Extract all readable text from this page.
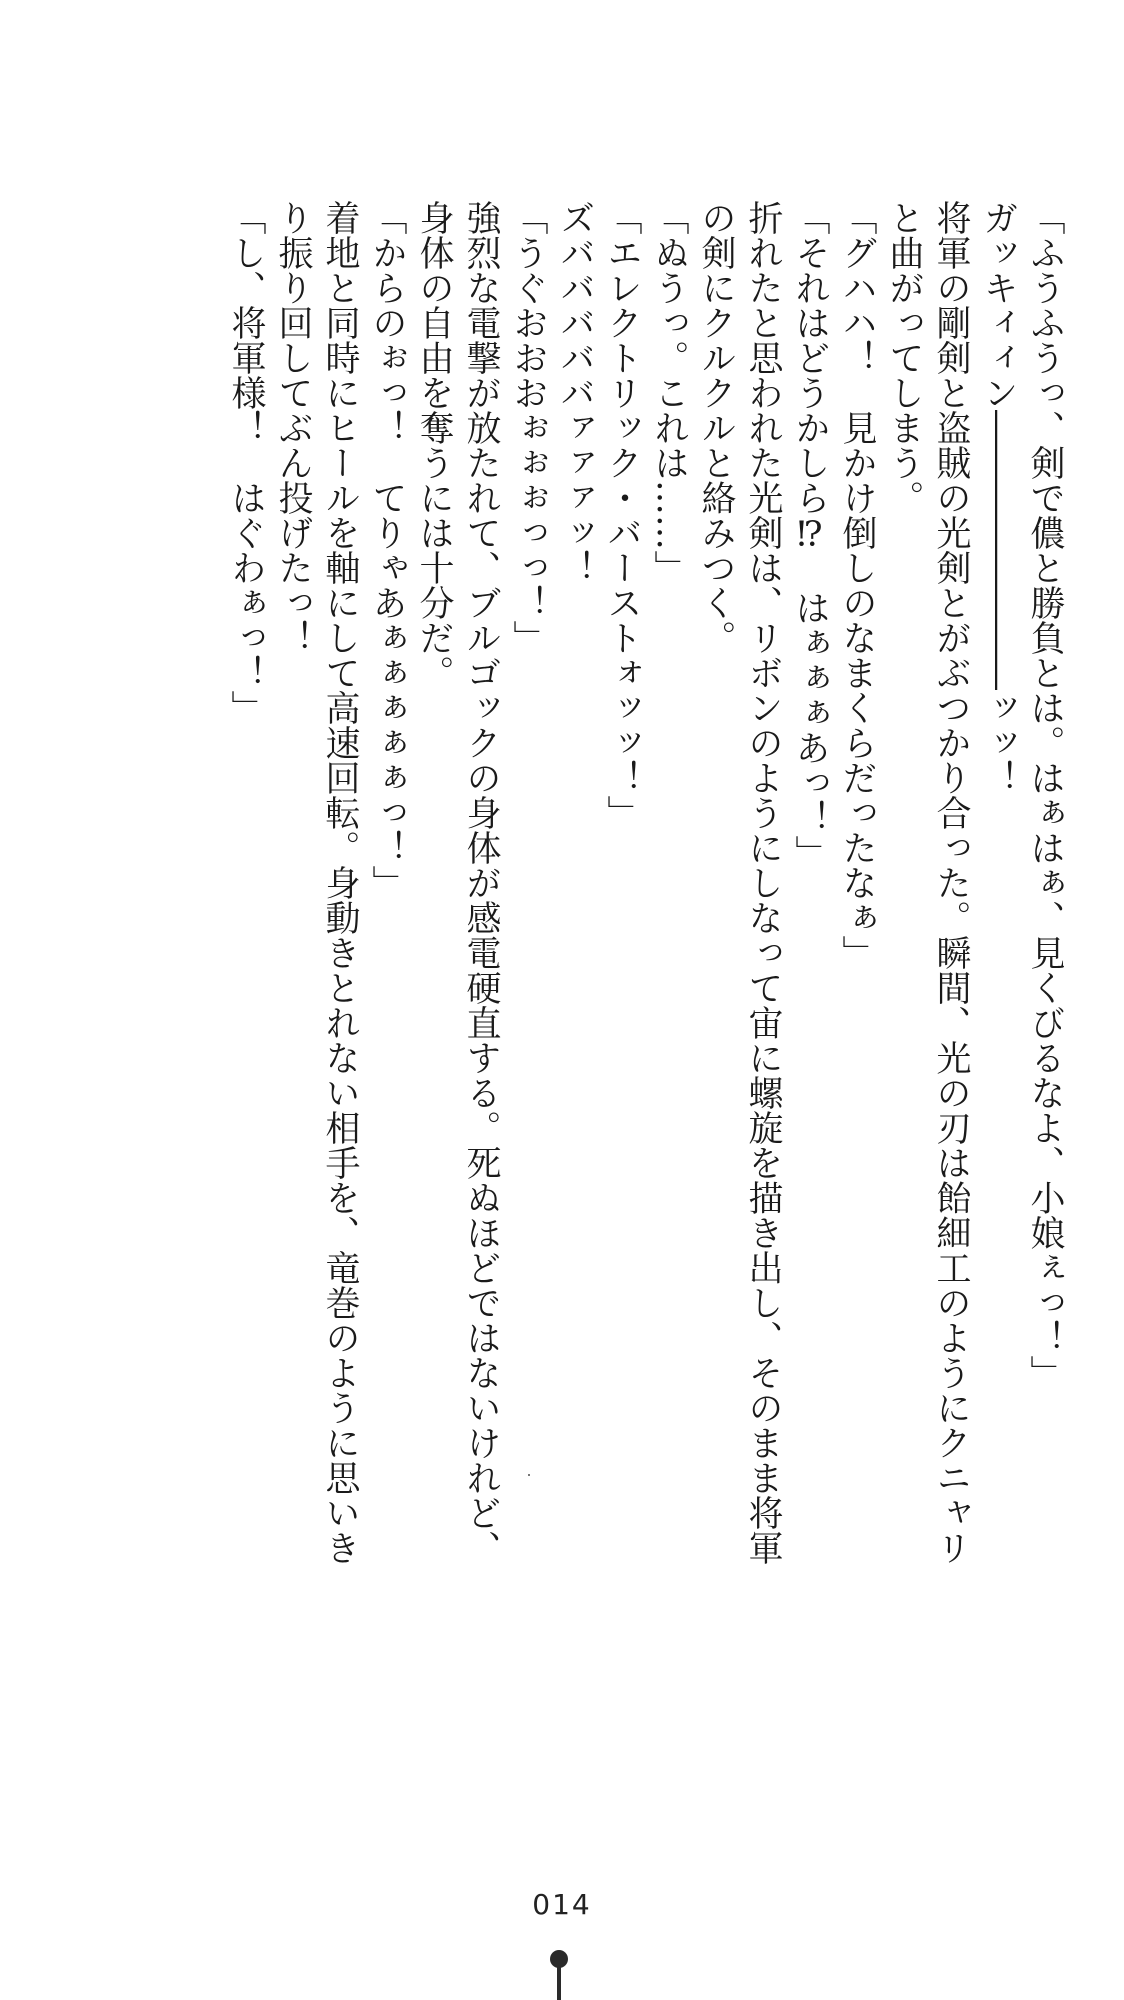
「ふうふうっ、剣で儂と勝負とは。はぁはぁ、見くびるなよ、小娘ぇっ！」

ガッキィィン――――――――ッッ！

将軍の剛剣と盗賊の光剣とがぶつかり合った。瞬間、光の刃は飴細工のようにクニャリ

と曲がってしまう。

「グハハ！　見かけ倒しのなまくらだったなぁ」

「それはどうかしら⁉　はぁぁぁあっ！」

折れたと思われた光剣は、リボンのようにしなって宙に螺旋を描き出し、そのまま将軍

の剣にクルクルと絡みつく。

「ぬうっ。これは……」

「エレクトリック・バーストォッッ！」

ズバババババァァァッ！

「うぐおおおぉぉぉっっ！」

強烈な電撃が放たれて、ブルゴックの身体が感電硬直する。死ぬほどではないけれど、

身体の自由を奪うには十分だ。

「からのぉっ！　てりゃあぁぁぁぁぁっ！」

着地と同時にヒールを軸にして高速回転。身動きとれない相手を、竜巻のように思いき

り振り回してぶん投げたっ！

「し、将軍様！　はぐわぁっ！」

014
